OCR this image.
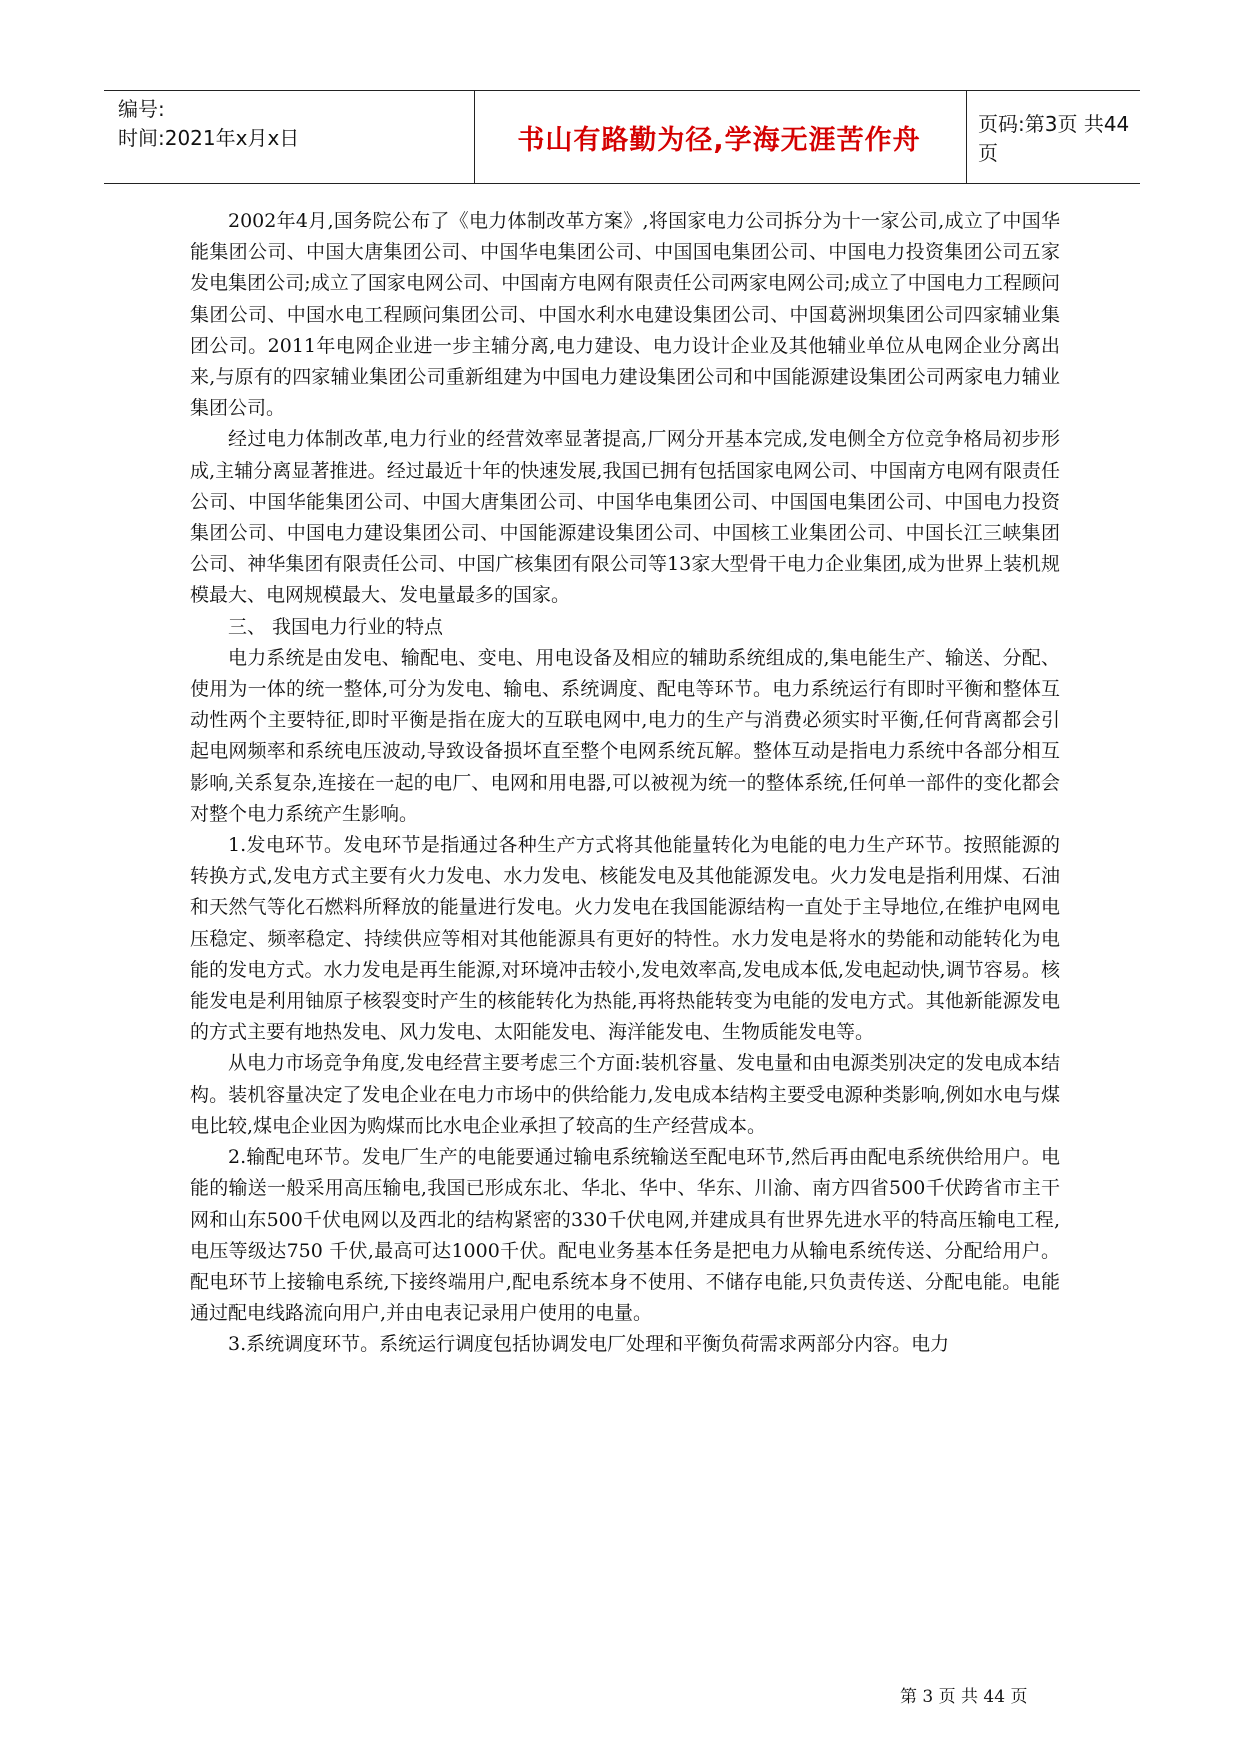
编号:
时间:2021年x月x日	书山有路勤为径,学海无涯苦作舟
页码:第3页 共44页

2002年4月,国务院公布了《电力体制改革方案》,将国家电力公司拆分为十一家公司,成立了中国华能集团公司、中国大唐集团公司、中国华电集团公司、中国国电集团公司、中国电力投资集团公司五家发电集团公司;成立了国家电网公司、中国南方电网有限责任公司两家电网公司;成立了中国电力工程顾问集团公司、中国水电工程顾问集团公司、中国水利水电建设集团公司、中国葛洲坝集团公司四家辅业集团公司。2011年电网企业进一步主辅分离,电力建设、电力设计企业及其他辅业单位从电网企业分离出来,与原有的四家辅业集团公司重新组建为中国电力建设集团公司和中国能源建设集团公司两家电力辅业集团公司。

经过电力体制改革,电力行业的经营效率显著提高,厂网分开基本完成,发电侧全方位竞争格局初步形成,主辅分离显著推进。经过最近十年的快速发展,我国已拥有包括国家电网公司、中国南方电网有限责任公司、中国华能集团公司、中国大唐集团公司、中国华电集团公司、中国国电集团公司、中国电力投资集团公司、中国电力建设集团公司、中国能源建设集团公司、中国核工业集团公司、中国长江三峡集团公司、神华集团有限责任公司、中国广核集团有限公司等13家大型骨干电力企业集团,成为世界上装机规模最大、电网规模最大、发电量最多的国家。

三、 我国电力行业的特点

电力系统是由发电、输配电、变电、用电设备及相应的辅助系统组成的,集电能生产、输送、分配、使用为一体的统一整体,可分为发电、输电、系统调度、配电等环节。电力系统运行有即时平衡和整体互动性两个主要特征,即时平衡是指在庞大的互联电网中,电力的生产与消费必须实时平衡,任何背离都会引起电网频率和系统电压波动,导致设备损坏直至整个电网系统瓦解。整体互动是指电力系统中各部分相互影响,关系复杂,连接在一起的电厂、电网和用电器,可以被视为统一的整体系统,任何单一部件的变化都会对整个电力系统产生影响。

1.发电环节。发电环节是指通过各种生产方式将其他能量转化为电能的电力生产环节。按照能源的转换方式,发电方式主要有火力发电、水力发电、核能发电及其他能源发电。火力发电是指利用煤、石油和天然气等化石燃料所释放的能量进行发电。火力发电在我国能源结构一直处于主导地位,在维护电网电压稳定、频率稳定、持续供应等相对其他能源具有更好的特性。水力发电是将水的势能和动能转化为电能的发电方式。水力发电是再生能源,对环境冲击较小,发电效率高,发电成本低,发电起动快,调节容易。核能发电是利用铀原子核裂变时产生的核能转化为热能,再将热能转变为电能的发电方式。其他新能源发电的方式主要有地热发电、风力发电、太阳能发电、海洋能发电、生物质能发电等。

从电力市场竞争角度,发电经营主要考虑三个方面:装机容量、发电量和由电源类别决定的发电成本结构。装机容量决定了发电企业在电力市场中的供给能力,发电成本结构主要受电源种类影响,例如水电与煤电比较,煤电企业因为购煤而比水电企业承担了较高的生产经营成本。

2.输配电环节。发电厂生产的电能要通过输电系统输送至配电环节,然后再由配电系统供给用户。电能的输送一般采用高压输电,我国已形成东北、华北、华中、华东、川渝、南方四省500千伏跨省市主干网和山东500千伏电网以及西北的结构紧密的330千伏电网,并建成具有世界先进水平的特高压输电工程,电压等级达750 千伏,最高可达1000千伏。配电业务基本任务是把电力从输电系统传送、分配给用户。配电环节上接输电系统,下接终端用户,配电系统本身不使用、不储存电能,只负责传送、分配电能。电能通过配电线路流向用户,并由电表记录用户使用的电量。

3.系统调度环节。系统运行调度包括协调发电厂处理和平衡负荷需求两部分内容。电力

第 3 页 共 44 页
